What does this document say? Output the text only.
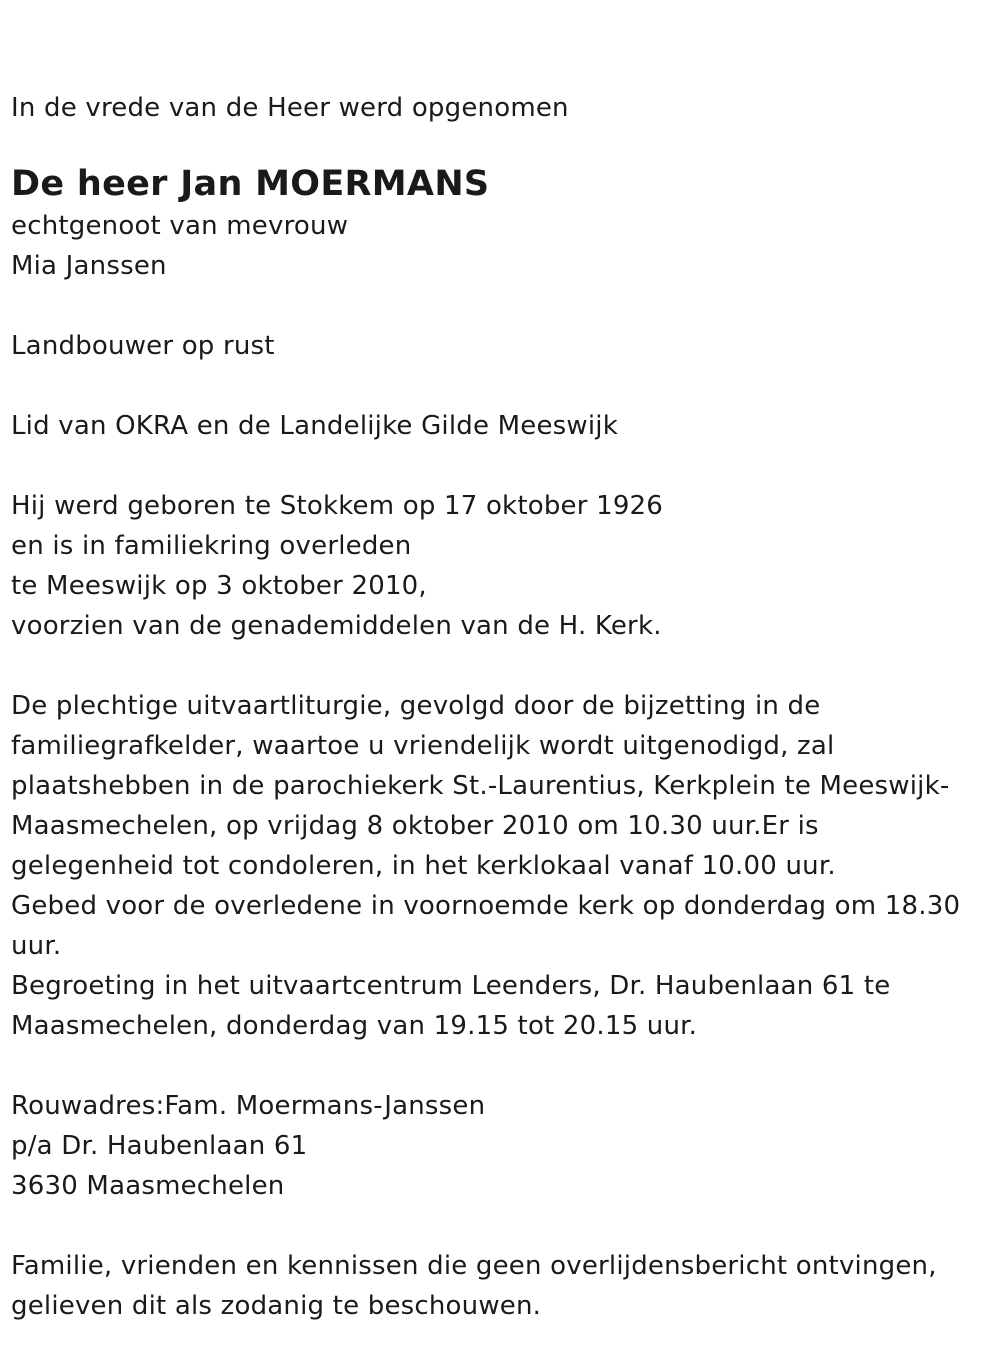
In de vrede van de Heer werd opgenomen

De heer Jan MOERMANS

echtgenoot van mevrouw

Mia Janssen

Landbouwer op rust

Lid van OKRA en de Landelijke Gilde Meeswijk

Hij werd geboren te Stokkem op 17 oktober 1926

en is in familiekring overleden

te Meeswijk op 3 oktober 2010,

voorzien van de genademiddelen van de H. Kerk.

De plechtige uitvaartliturgie, gevolgd door de bijzetting in de

familiegrafkelder, waartoe u vriendelijk wordt uitgenodigd, zal

plaatshebben in de parochiekerk St.-Laurentius, Kerkplein te Meeswijk-

Maasmechelen, op vrijdag 8 oktober 2010 om 10.30 uur.Er is

gelegenheid tot condoleren, in het kerklokaal vanaf 10.00 uur.

Gebed voor de overledene in voornoemde kerk op donderdag om 18.30

uur.

Begroeting in het uitvaartcentrum Leenders, Dr. Haubenlaan 61 te

Maasmechelen, donderdag van 19.15 tot 20.15 uur.

Rouwadres:Fam. Moermans-Janssen

p/a Dr. Haubenlaan 61

3630 Maasmechelen

Familie, vrienden en kennissen die geen overlijdensbericht ontvingen,

gelieven dit als zodanig te beschouwen.
